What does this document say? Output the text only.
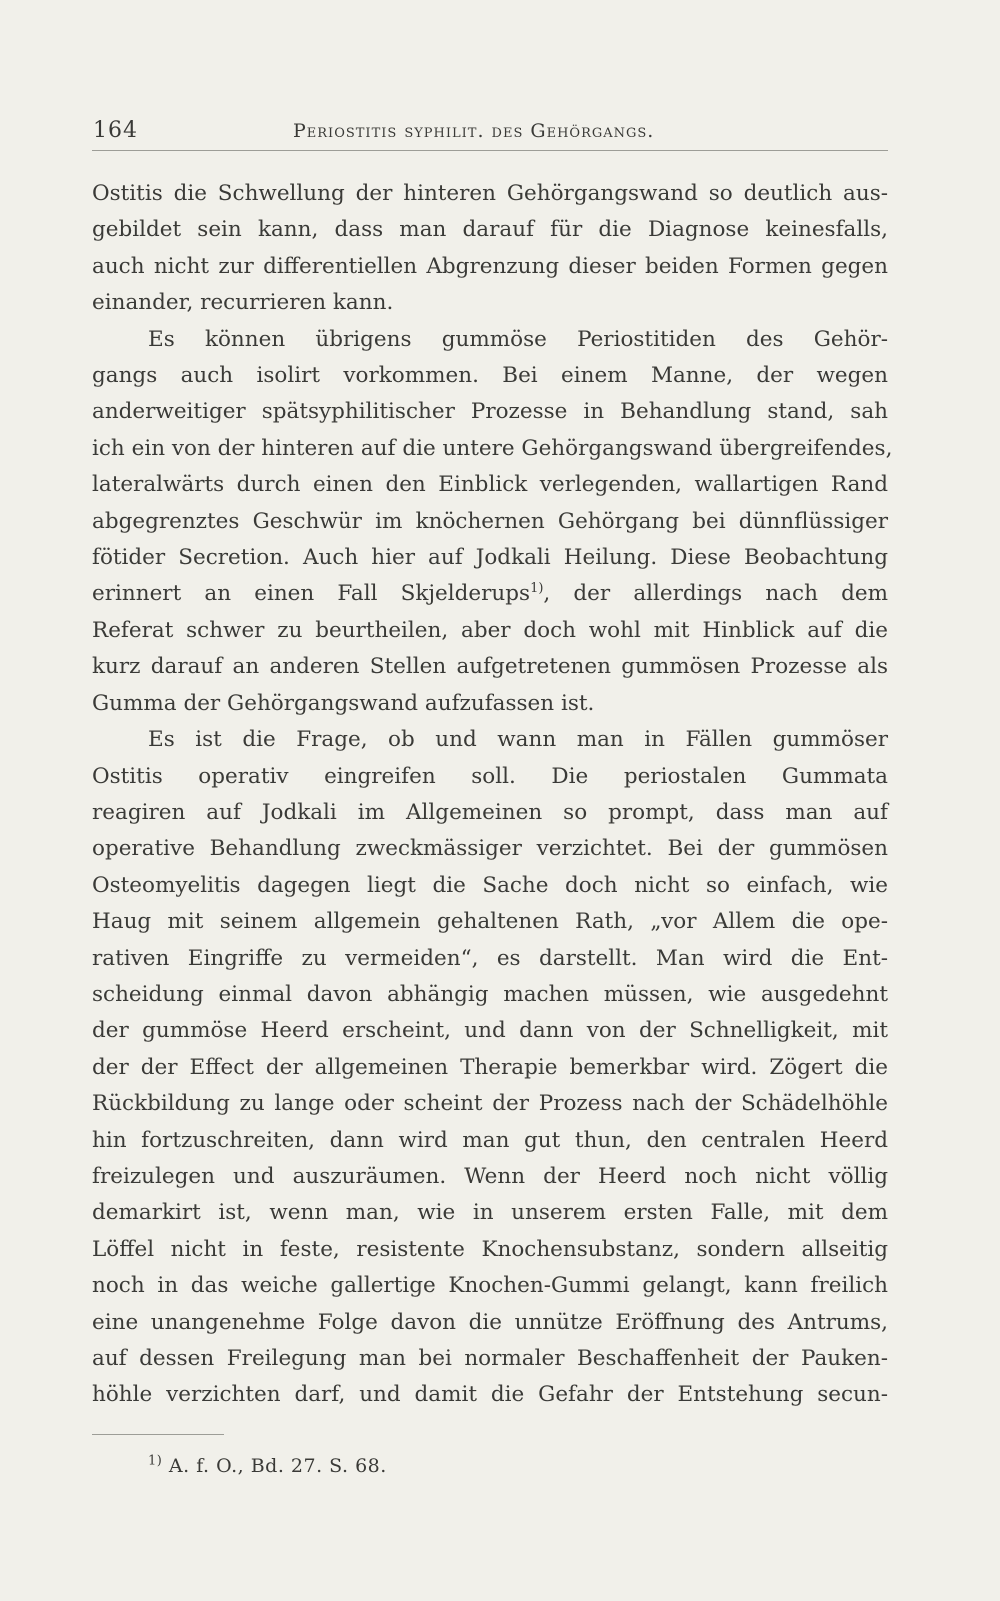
164	Periostitis syphilit. des Gehörgangs.
Ostitis die Schwellung der hinteren Gehörgangswand so deutlich aus-
gebildet sein kann, dass man darauf für die Diagnose keinesfalls,
auch nicht zur differentiellen Abgrenzung dieser beiden Formen gegen
einander, recurrieren kann.
Es können übrigens gummöse Periostitiden des Gehör-
gangs auch isolirt vorkommen. Bei einem Manne, der wegen
anderweitiger spätsyphilitischer Prozesse in Behandlung stand, sah
ich ein von der hinteren auf die untere Gehörgangswand übergreifendes,
lateralwärts durch einen den Einblick verlegenden, wallartigen Rand
abgegrenztes Geschwür im knöchernen Gehörgang bei dünnflüssiger
fötider Secretion. Auch hier auf Jodkali Heilung. Diese Beobachtung
erinnert an einen Fall Skjelderups$^{1)}$, der allerdings nach dem
Referat schwer zu beurtheilen, aber doch wohl mit Hinblick auf die
kurz darauf an anderen Stellen aufgetretenen gummösen Prozesse als
Gumma der Gehörgangswand aufzufassen ist.
Es ist die Frage, ob und wann man in Fällen gummöser
Ostitis operativ eingreifen soll. Die periostalen Gummata
reagiren auf Jodkali im Allgemeinen so prompt, dass man auf
operative Behandlung zweckmässiger verzichtet. Bei der gummösen
Osteomyelitis dagegen liegt die Sache doch nicht so einfach, wie
Haug mit seinem allgemein gehaltenen Rath, „vor Allem die ope-
rativen Eingriffe zu vermeiden“, es darstellt. Man wird die Ent-
scheidung einmal davon abhängig machen müssen, wie ausgedehnt
der gummöse Heerd erscheint, und dann von der Schnelligkeit, mit
der der Effect der allgemeinen Therapie bemerkbar wird. Zögert die
Rückbildung zu lange oder scheint der Prozess nach der Schädelhöhle
hin fortzuschreiten, dann wird man gut thun, den centralen Heerd
freizulegen und auszuräumen. Wenn der Heerd noch nicht völlig
demarkirt ist, wenn man, wie in unserem ersten Falle, mit dem
Löffel nicht in feste, resistente Knochensubstanz, sondern allseitig
noch in das weiche gallertige Knochen-Gummi gelangt, kann freilich
eine unangenehme Folge davon die unnütze Eröffnung des Antrums,
auf dessen Freilegung man bei normaler Beschaffenheit der Pauken-
höhle verzichten darf, und damit die Gefahr der Entstehung secun-
$^{1)}$ A. f. O., Bd. 27. S. 68.
